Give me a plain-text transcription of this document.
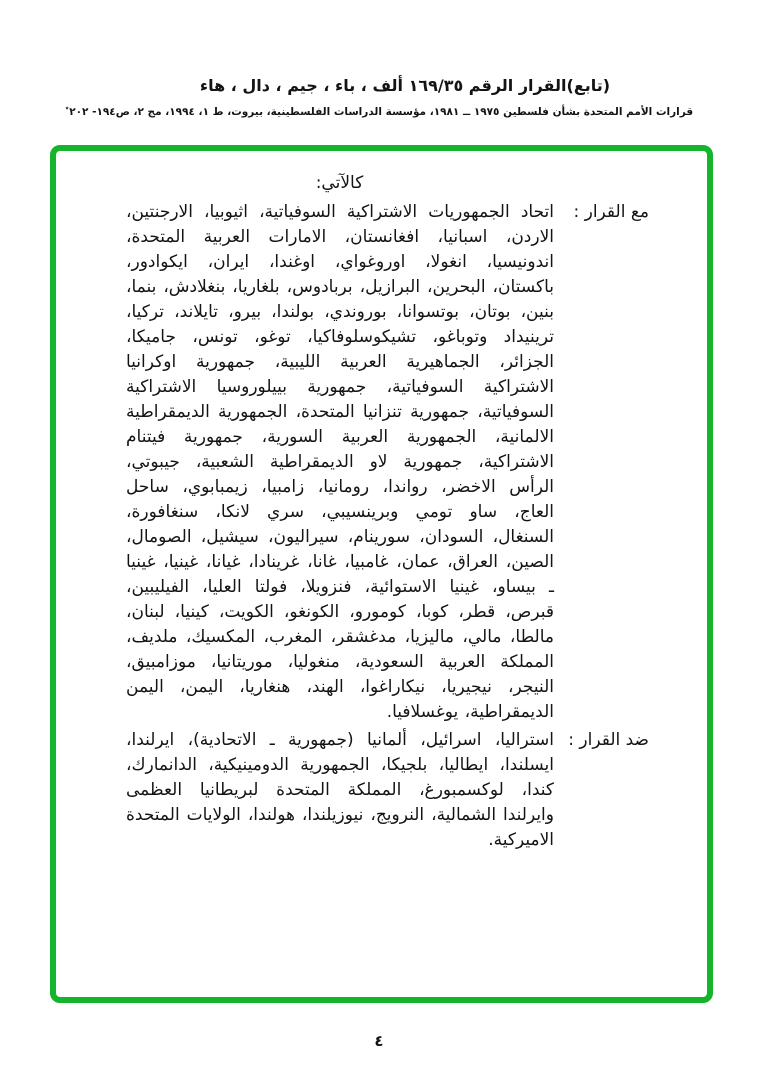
(تابع)القرار الرقم ١٦٩/٣٥ ألف ، باء ، جيم ، دال ، هاء
قرارات الأمم المتحدة بشأن فلسطين ١٩٧٥ ــ ١٩٨١، مؤسسة الدراسات الفلسطينية، بيروت، ط ١، ١٩٩٤، مج ٢، ص١٩٤- ٢٠٢٭
كالآتي:
مع القرار :
اتحاد الجمهوريات الاشتراكية السوفياتية، اثيوبيا، الارجنتين، الاردن، اسبانيا، افغانستان، الامارات العربية المتحدة، اندونيسيا، انغولا، اوروغواي، اوغندا، ايران، ايكوادور، باكستان، البحرين، البرازيل، بربادوس، بلغاريا، بنغلادش، بنما، بنين، بوتان، بوتسوانا، بوروندي، بولندا، بيرو، تايلاند، تركيا، ترينيداد وتوباغو، تشيكوسلوفاكيا، توغو، تونس، جاميكا، الجزائر، الجماهيرية العربية الليبية، جمهورية اوكرانيا الاشتراكية السوفياتية، جمهورية بييلوروسيا الاشتراكية السوفياتية، جمهورية تنزانيا المتحدة، الجمهورية الديمقراطية الالمانية، الجمهورية العربية السورية، جمهورية فيتنام الاشتراكية، جمهورية لاو الديمقراطية الشعبية، جيبوتي، الرأس الاخضر، رواندا، رومانيا، زامبيا، زيمبابوي، ساحل العاج، ساو تومي وبرينسيبي، سري لانكا، سنغافورة، السنغال، السودان، سورينام، سيراليون، سيشيل، الصومال، الصين، العراق، عمان، غامبيا، غانا، غرينادا، غيانا، غينيا، غينيا ـ بيساو، غينيا الاستوائية، فنزويلا، فولتا العليا، الفيليبين، قبرص، قطر، كوبا، كومورو، الكونغو، الكويت، كينيا، لبنان، مالطا، مالي، ماليزيا، مدغشقر، المغرب، المكسيك، ملديف، المملكة العربية السعودية، منغوليا، موريتانيا، موزامبيق، النيجر، نيجيريا، نيكاراغوا، الهند، هنغاريا، اليمن، اليمن الديمقراطية، يوغسلافيا.
ضد القرار :
استراليا، اسرائيل، ألمانيا (جمهورية ـ الاتحادية)، ايرلندا، ايسلندا، ايطاليا، بلجيكا، الجمهورية الدومينيكية، الدانمارك، كندا، لوكسمبورغ، المملكة المتحدة لبريطانيا العظمى وايرلندا الشمالية، النرويج، نيوزيلندا، هولندا، الولايات المتحدة الاميركية.
٤
